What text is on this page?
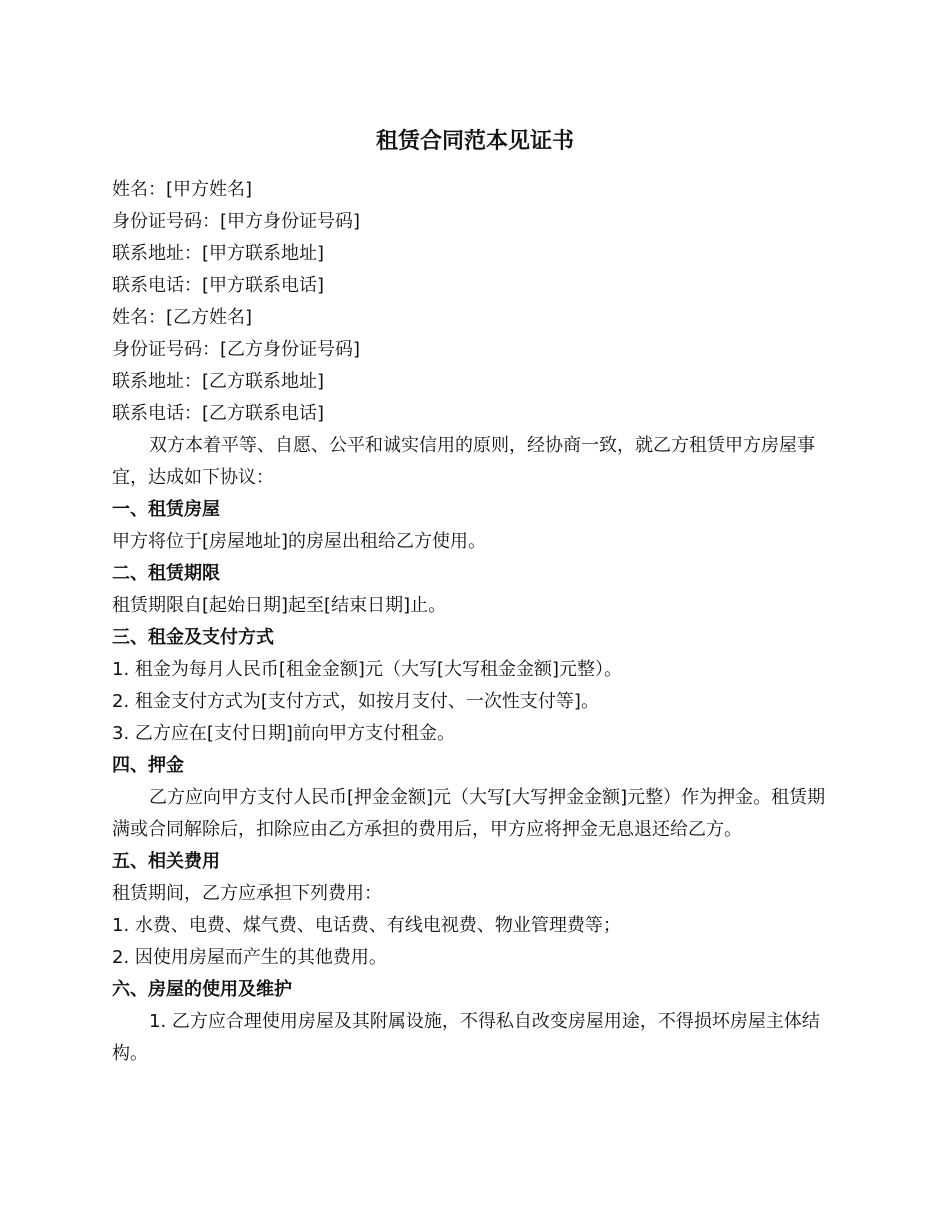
租赁合同范本见证书

姓名：[甲方姓名]

身份证号码：[甲方身份证号码]

联系地址：[甲方联系地址]

联系电话：[甲方联系电话]

姓名：[乙方姓名]

身份证号码：[乙方身份证号码]

联系地址：[乙方联系地址]

联系电话：[乙方联系电话]

双方本着平等、自愿、公平和诚实信用的原则，经协商一致，就乙方租赁甲方房屋事宜，达成如下协议：

一、租赁房屋

甲方将位于[房屋地址]的房屋出租给乙方使用。

二、租赁期限

租赁期限自[起始日期]起至[结束日期]止。

三、租金及支付方式

1. 租金为每月人民币[租金金额]元（大写[大写租金金额]元整）。

2. 租金支付方式为[支付方式，如按月支付、一次性支付等]。

3. 乙方应在[支付日期]前向甲方支付租金。

四、押金

乙方应向甲方支付人民币[押金金额]元（大写[大写押金金额]元整）作为押金。租赁期满或合同解除后，扣除应由乙方承担的费用后，甲方应将押金无息退还给乙方。

五、相关费用

租赁期间，乙方应承担下列费用：

1. 水费、电费、煤气费、电话费、有线电视费、物业管理费等；

2. 因使用房屋而产生的其他费用。

六、房屋的使用及维护

1. 乙方应合理使用房屋及其附属设施，不得私自改变房屋用途，不得损坏房屋主体结构。
